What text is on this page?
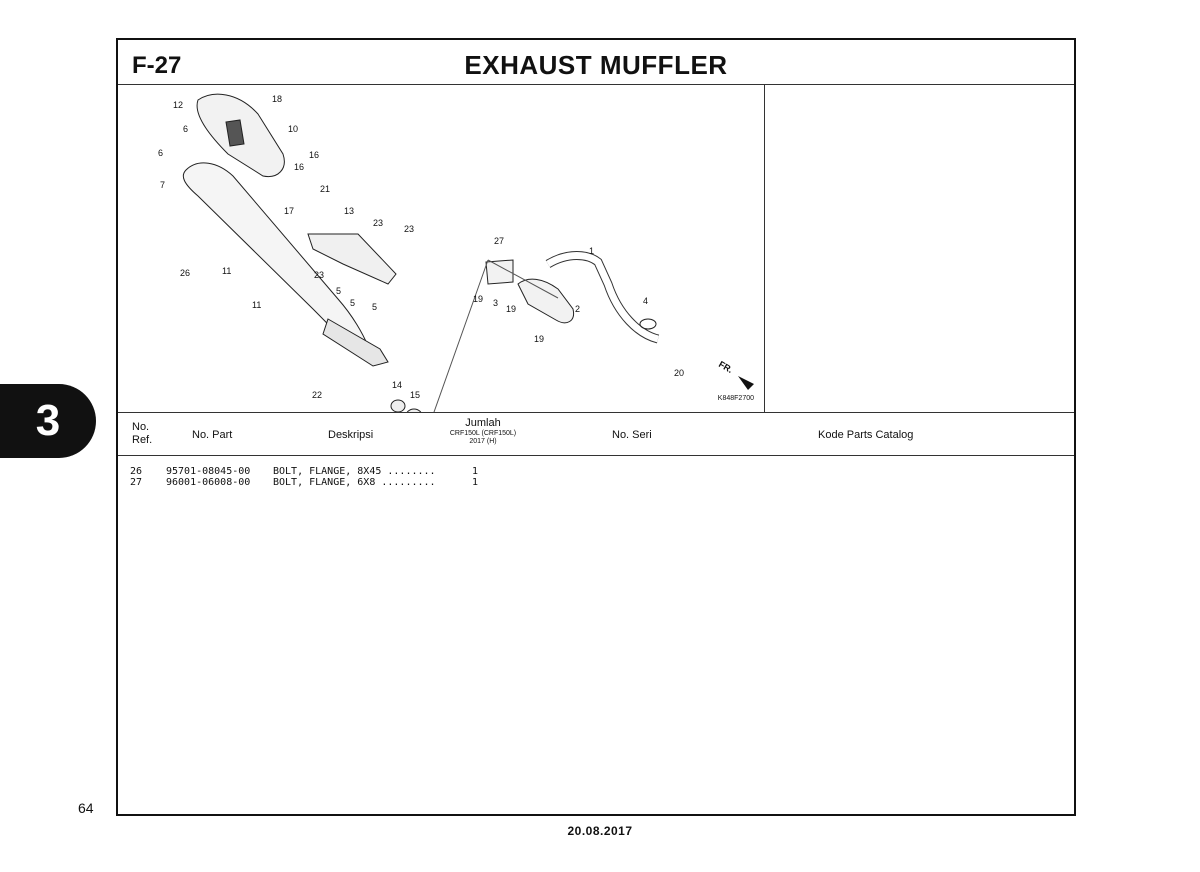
3
F-27	EXHAUST MUFFLER
12
18
6	10
6
16
16
7	21
17	13
23
23
26	11	23
5
5 5
11
27
1
4
19 3
19	2
19
14
22	15
20	FR.
K848F2700
No.
Ref.	No. Part	Deskripsi
Jumlah
CRF150L (CRF150L)
2017 (H)
No. Seri	Kode Parts Catalog
26 95701-08045-00 BOLT, FLANGE, 8X45 ........	1
27 96001-06008-00 BOLT, FLANGE, 6X8 .........	1
64
20.08.2017
